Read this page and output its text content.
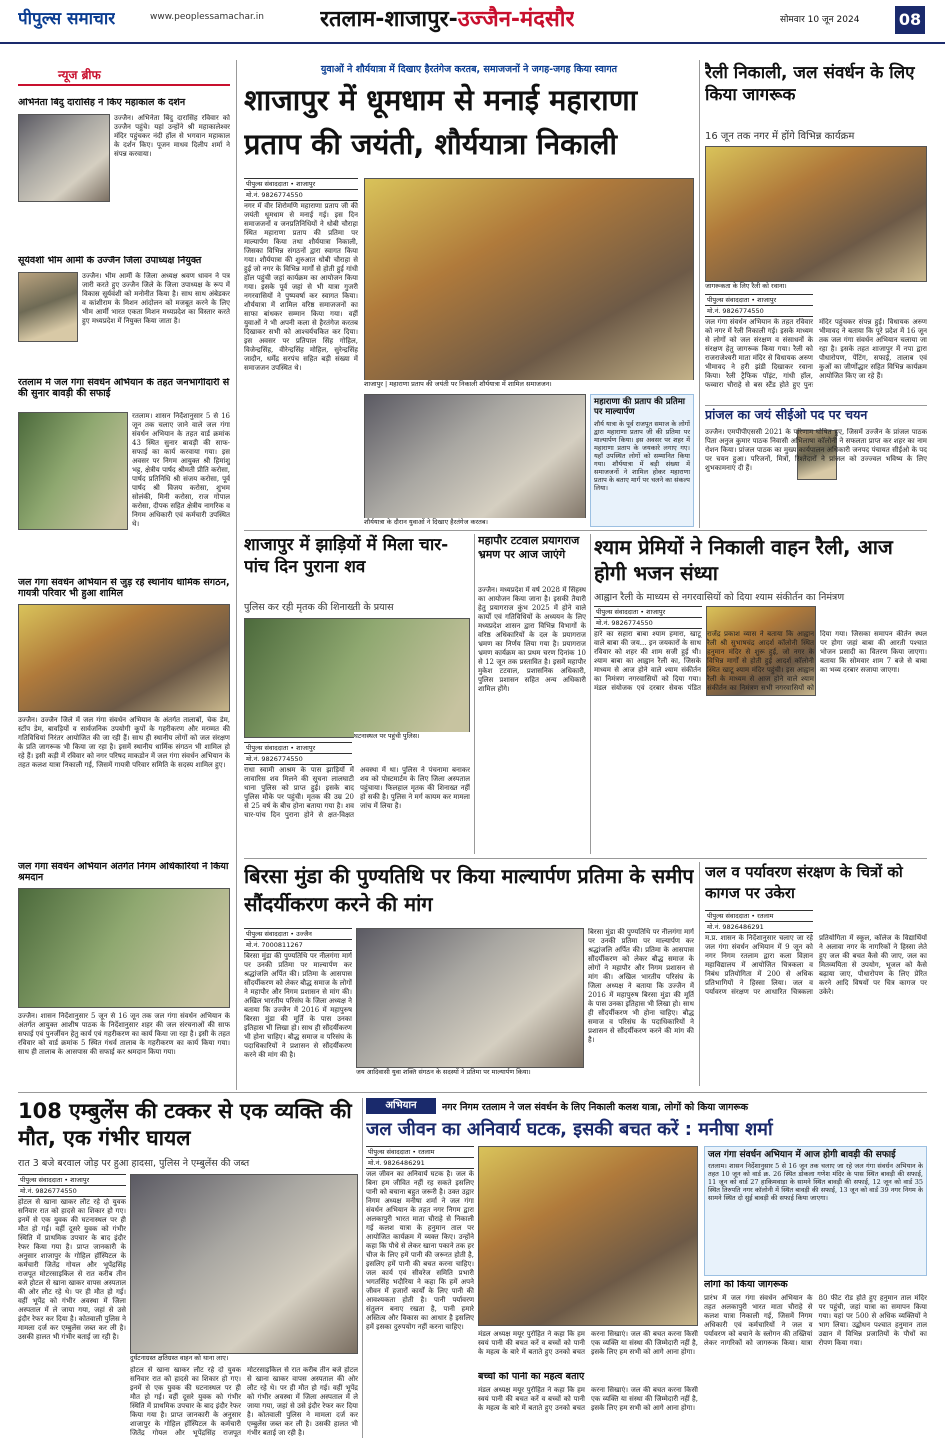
पीपुल्स समाचार	www.peoplessamachar.in	रतलाम-शाजापुर-उज्जैन-मंदसौर	सोमवार 10 जून 2024 08
न्यूज ब्रीफ
अभिनेता बिंदु दारासिंह ने किए महाकाल के दर्शन
उज्जैन। अभिनेता बिंदु दारासिंह रविवार को उज्जैन पहुंचे। यहां उन्होंने श्री महाकालेश्वर मंदिर पहुंचकर नंदी हॉल से भगवान महाकाल के दर्शन किए। पूजन माधव दिलीप शर्मा ने संपन्न करवाया।
सूर्यवंशी भीम आर्मी के उज्जैन जिला उपाध्यक्ष नियुक्त
उज्जैन। भीम आर्मी के जिला अध्यक्ष श्रवण धावन ने पत्र जारी करते हुए उज्जैन जिले के जिला उपाध्यक्ष के रूप में विकास सूर्यवंशी को मनोनीत किया है। साथ साथ अंबेडकर व कांशीराम के मिशन आंदोलन को मजबूत करने के लिए भीम आर्मी भारत एकता मिशन मध्यप्रदेश का विस्तार करते हुए मध्यप्रदेश में नियुक्त किया जाता है।
रतलाम में जल गंगा संवर्धन अभियान के तहत जनभागीदारी से की सुनार बावड़ी की सफाई
रतलाम। शासन निर्देशानुसार 5 से 16 जून तक चलाए जाने वाले जल गंगा संवर्धन अभियान के तहत वार्ड क्रमांक 43 स्थित सुनार बावड़ी की साफ-सफाई का कार्य करवाया गया। इस अवसर पर निगम आयुक्त श्री हिमांशु भट्ट, क्षेत्रीय पार्षद श्रीमती प्रीति करोसा, पार्षद प्रतिनिधि श्री संजय करोसा, पूर्व पार्षद श्री विजय करोसा, शुभम सोलंकी, मिनी करोसा, राज गोपाल करोसा, दीपक सहित क्षेत्रीय नागरिक व निगम अधिकारी एवं कर्मचारी उपस्थित थे।
जल गंगा संवर्धन अभियान से जुड़ रहे स्थानीय धार्मिक संगठन, गायत्री परिवार भी हुआ शामिल
उज्जैन। उज्जैन जिले में जल गंगा संवर्धन अभियान के अंतर्गत तालाबों, चेक डेम, स्टॉप डेम, बावड़ियों व सार्वजनिक उपयोगी कूपों के गहरीकरण और मरम्मत की गतिविधियां निरंतर आयोजित की जा रही हैं। साथ ही स्थानीय लोगों को जल संरक्षण के प्रति जागरूक भी किया जा रहा है। इसमें स्थानीय धार्मिक संगठन भी शामिल हो रहे हैं। इसी कड़ी में रविवार को नगर परिषद माकडोन में जल गंगा संवर्धन अभियान के तहत कलश यात्रा निकाली गई, जिसमें गायत्री परिवार समिति के सदस्य शामिल हुए।
जल गंगा संवर्धन अभियान अंतर्गत निगम अधिकारियों ने किया श्रमदान
उज्जैन। शासन निर्देशानुसार 5 जून से 16 जून तक जल गंगा संवर्धन अभियान के अंतर्गत आयुक्त आशीष पाठक के निर्देशानुसार शहर की जल संरचनाओं की साफ सफाई एवं पुनर्जीवन हेतु कार्य एवं गहरीकरण का कार्य किया जा रहा है। इसी के तहत रविवार को वार्ड क्रमांक 5 स्थित गंधर्व तालाब के गहरीकरण का कार्य किया गया। साथ ही तालाब के आसपास की सफाई कर श्रमदान किया गया।
युवाओं ने शौर्ययात्रा में दिखाए हैरतंगेज करतब, समाजजनों ने जगह-जगह किया स्वागत
शाजापुर में धूमधाम से मनाई महाराणा प्रताप की जयंती, शौर्ययात्रा निकाली
पीपुल्स संवाददाता • शाजापुर
मो.नं. 9826774550
नगर में वीर शिरोमणि महाराणा प्रताप जी की जयंती धूमधाम से मनाई गई। इस दिन समाजजनों व जनप्रतिनिधियों ने धोबी चौराहा स्थित महाराणा प्रताप की प्रतिमा पर माल्यार्पण किया तथा शौर्ययात्रा निकाली, जिसका विभिन्न संगठनों द्वारा स्वागत किया गया। शौर्ययात्रा की शुरुआत धोबी चौराहा से हुई जो नगर के विभिन्न मार्गों से होती हुई गांधी हॉल पहुंची जहां कार्यक्रम का आयोजन किया गया। इसके पूर्व जहां से भी यात्रा गुजरी नगरवासियों ने पुष्पवर्षा कर स्वागत किया। शौर्ययात्रा में शामिल वरिष्ठ समाजजनों का साफा बांधकर सम्मान किया गया। वहीं युवाओं ने भी अपनी कला से हैरतंगेज करतब दिखाकर सभी को आश्चर्यचकित कर दिया। इस अवसर पर प्रतिपाल सिंह गोहिल, विजेन्द्रसिंह, वीरेन्द्रसिंह मोहिल, सुरेन्द्रसिंह जादौन, धर्मेंद्र सरपंच सहित बड़ी संख्या में समाजजन उपस्थित थे।
शाजापुर | महाराणा प्रताप की जयंती पर निकाली शौर्ययात्रा में शामिल समाजजन।
शौर्ययात्रा के दौरान युवाओं ने दिखाए हैरतंगेज करतब।
महाराणा की प्रताप की प्रतिमा पर माल्यार्पण
शौर्य यात्रा के पूर्व राजपूत समाज के लोगों द्वारा महाराणा प्रताप जी की प्रतिमा पर माल्यार्पण किया। इस अवसर पर शहर में महाराणा प्रताप के जयकारे लगाए गए। यहाँ उपस्थित लोगों को सम्मानित किया गया। शौर्ययात्रा में बड़ी संख्या में समाजजनों ने शामिल होकर महाराणा प्रताप के बताए मार्ग पर चलने का संकल्प लिया।
रैली निकाली, जल संवर्धन के लिए किया जागरूक
16 जून तक नगर में होंगे विभिन्न कार्यक्रम
जागरूकता के लिए रैली को रवाना।
पीपुल्स संवाददाता • शाजापुर
मो.नं. 9826774550
जल गंगा संवर्धन अभियान के तहत रविवार को नगर में रैली निकाली गई। इसके माध्यम से लोगों को जल संरक्षण व संसाधनों के संरक्षण हेतु जागरूक किया गया। रैली को राजराजेश्वरी माता मंदिर से विधायक अरुण भीमावद ने हरी झंडी दिखाकर रवाना किया। रैली ट्रैफिक पॉइंट, गांधी हॉल, फव्वारा चौराहे से बस स्टैंड होते हुए पुनः मंदिर पहुंचकर संपन्न हुई। विधायक अरुण भीमावद ने बताया कि पूरे प्रदेश में 16 जून तक जल गंगा संवर्धन अभियान चलाया जा रहा है। इसके तहत शाजापुर में नपा द्वारा पौधारोपण, पेंटिंग, सफाई, तालाब एवं कुओं का जीर्णोद्धार सहित विभिन्न कार्यक्रम आयोजित किए जा रहे हैं।
प्रांजल का जयं सीईओ पद पर चयन
उज्जैन। एमपीपीएससी 2021 के परिणाम घोषित हुए, जिसमें उज्जैन के प्रांजल पाठक पिता अनुज कुमार पाठक निवासी अभिलाषा कॉलोनी ने सफलता प्राप्त कर शहर का नाम रोशन किया। प्रांजल पाठक का मुख्य कार्यपालन अधिकारी जनपद पंचायत सीईओ के पद पर चयन हुआ। परिजनों, मित्रों, रिश्तेदारों ने प्रांजल को उज्ज्वल भविष्य के लिए शुभकामनाएं दी हैं।
शाजापुर में झाड़ियों में मिला चार-पांच दिन पुराना शव
पुलिस कर रही मृतक की शिनाख्ती के प्रयास
घटनास्थल पर पहुंची पुलिस।
पीपुल्स संवाददाता • शाजापुर
मो.नं. 9826774550
राधा स्वामी आश्रम के पास झाड़ियों में लावारिस शव मिलने की सूचना लालघाटी थाना पुलिस को प्राप्त हुई। इसके बाद पुलिस मौके पर पहुंची। मृतक की उम्र 20 से 25 वर्ष के बीच होना बताया गया है। शव चार-पांच दिन पुराना होने से क्षत-विक्षत अवस्था में था। पुलिस ने पंचनामा बनाकर शव को पोस्टमार्टम के लिए जिला अस्पताल पहुंचाया। फिलहाल मृतक की शिनाख्त नहीं हो सकी है। पुलिस ने मर्ग कायम कर मामला जांच में लिया है।
महापौर टटवाल प्रयागराज भ्रमण पर आज जाएंगे
उज्जैन। मध्यप्रदेश में वर्ष 2028 में सिंहस्थ का आयोजन किया जाना है। इसकी तैयारी हेतु प्रयागराज कुंभ 2025 में होने वाले कार्यों एवं गतिविधियों के अध्ययन के लिए मध्यप्रदेश शासन द्वारा विभिन्न विभागों के वरिष्ठ अधिकारियों के दल के प्रयागराज भ्रमण का निर्णय लिया गया है। प्रयागराज भ्रमण कार्यक्रम का प्रथम चरण दिनांक 10 से 12 जून तक प्रस्तावित है। इसमें महापौर मुकेश टटवाल, प्रशासनिक अधिकारी, पुलिस प्रशासन सहित अन्य अधिकारी शामिल होंगे।
श्याम प्रेमियों ने निकाली वाहन रैली, आज होगी भजन संध्या
आह्वान रैली के माध्यम से नगरवासियों को दिया श्याम संकीर्तन का निमंत्रण
पीपुल्स संवाददाता • शाजापुर
मो.नं. 9826774550
हारे का सहारा बाबा श्याम हमारा, खाटू वाले बाबा की जय... इन जयकारों के साथ रविवार को शहर की शाम सजी हुई थी। श्याम बाबा का आह्वान रैली का, जिसके माध्यम से आज होने वाले श्याम संकीर्तन का निमंत्रण नगरवासियों को दिया गया। मंडल संयोजक एवं दरबार सेवक पंडित राजेंद्र प्रकाश व्यास ने बताया कि आह्वान रैली श्री सुभाषचंद्र आदर्श कॉलोनी स्थित हनुमान मंदिर से शुरू हुई, जो नगर के विभिन्न मार्गों से होती हुई आदर्श कॉलोनी स्थित खाटू श्याम मंदिर पहुंची। इस आह्वान रैली के माध्यम से आज होने वाले श्याम संकीर्तन का निमंत्रण सभी नगरवासियों को दिया गया। जिसका समापन कीर्तन स्थल पर होगा जहां बाबा की आरती पश्चात भोजन प्रसादी का वितरण किया जाएगा। बताया कि सोमवार शाम 7 बजे से बाबा का भव्य दरबार सजाया जाएगा।
बिरसा मुंडा की पुण्यतिथि पर किया माल्यार्पण प्रतिमा के समीप सौंदर्यीकरण करने की मांग
पीपुल्स संवाददाता • उज्जैन
मो.नं. 7000811267
जय आदिवासी युवा शक्ति संगठन के सदस्यों ने प्रतिमा पर माल्यार्पण किया।
बिरसा मुंडा की पुण्यतिथि पर नीलगंगा मार्ग पर उनकी प्रतिमा पर माल्यार्पण कर श्रद्धांजलि अर्पित की। प्रतिमा के आसपास सौंदर्यीकरण को लेकर बौद्ध समाज के लोगों ने महापौर और निगम प्रशासन से मांग की। अखिल भारतीय परिसंघ के जिला अध्यक्ष ने बताया कि उज्जैन में 2016 में महापुरुष बिरसा मुंडा की मूर्ति के पास उनका इतिहास भी लिखा हो। साथ ही सौंदर्यीकरण भी होना चाहिए। बौद्ध समाज व परिसंघ के पदाधिकारियों ने प्रशासन से सौंदर्यीकरण करने की मांग की है।
बिरसा मुंडा की पुण्यतिथि पर नीलगंगा मार्ग पर उनकी प्रतिमा पर माल्यार्पण कर श्रद्धांजलि अर्पित की। प्रतिमा के आसपास सौंदर्यीकरण को लेकर बौद्ध समाज के लोगों ने महापौर और निगम प्रशासन से मांग की। अखिल भारतीय परिसंघ के जिला अध्यक्ष ने बताया कि उज्जैन में 2016 में महापुरुष बिरसा मुंडा की मूर्ति के पास उनका इतिहास भी लिखा हो। साथ ही सौंदर्यीकरण भी होना चाहिए। बौद्ध समाज व परिसंघ के पदाधिकारियों ने प्रशासन से सौंदर्यीकरण करने की मांग की है।
जल व पर्यावरण संरक्षण के चित्रों को कागज पर उकेरा
पीपुल्स संवाददाता • रतलाम
मो.नं. 9826486291
म.प्र. शासन के निर्देशानुसार चलाए जा रहे जल गंगा संवर्धन अभियान में 9 जून को नगर निगम रतलाम द्वारा कला विज्ञान महाविद्यालय में आयोजित चित्रकला व निबंध प्रतियोगिता में 200 से अधिक प्रतिभागियों ने हिस्सा लिया। जल व पर्यावरण संरक्षण पर आधारित चित्रकला प्रतियोगिता में स्कूल, कॉलेज के विद्यार्थियों ने अलावा नगर के नागरिकों ने हिस्सा लेते हुए जल की बचत कैसे की जाए, जल का मितव्ययिता से उपयोग, भूजल को कैसे बढ़ाया जाए, पौधारोपण के लिए प्रेरित करने आदि विषयों पर चित्र कागज पर उकेरे।
108 एम्बुलेंस की टक्कर से एक व्यक्ति की मौत, एक गंभीर घायल
रात 3 बजे बरवाल जोड़ पर हुआ हादसा, पुलिस ने एम्बुलेंस की जब्त
पीपुल्स संवाददाता • शाजापुर
मो.नं. 9826774550
दुर्घटनाग्रस्त क्षतिग्रस्त वाहन को थाना लाए।
होटल से खाना खाकर लौट रहे दो युवक सनिवार रात को हादसे का शिकार हो गए। इनमें से एक युवक की घटनास्थल पर ही मौत हो गई। वहीं दूसरे युवक को गंभीर स्थिति में प्राथमिक उपचार के बाद इंदौर रेफर किया गया है। प्राप्त जानकारी के अनुसार शाजापुर के गोहिल हॉस्पिटल के कर्मचारी जितेंद्र गोयल और भूपेंद्रसिंह राजपूत मोटरसाइकिल से रात करीब तीन बजे होटल से खाना खाकर वापस अस्पताल की ओर लौट रहे थे। पर ही मौत हो गई। वहीं भूपेंद्र को गंभीर अवस्था में जिला अस्पताल में ले जाया गया, जहां से उसे इंदौर रेफर कर दिया है। कोतवाली पुलिस ने मामला दर्ज कर एम्बुलेंस जब्त कर ली है। उसकी हालत भी गंभीर बताई जा रही है।
होटल से खाना खाकर लौट रहे दो युवक सनिवार रात को हादसे का शिकार हो गए। इनमें से एक युवक की घटनास्थल पर ही मौत हो गई। वहीं दूसरे युवक को गंभीर स्थिति में प्राथमिक उपचार के बाद इंदौर रेफर किया गया है। प्राप्त जानकारी के अनुसार शाजापुर के गोहिल हॉस्पिटल के कर्मचारी जितेंद्र गोयल और भूपेंद्रसिंह राजपूत मोटरसाइकिल से रात करीब तीन बजे होटल से खाना खाकर वापस अस्पताल की ओर लौट रहे थे। पर ही मौत हो गई। वहीं भूपेंद्र को गंभीर अवस्था में जिला अस्पताल में ले जाया गया, जहां से उसे इंदौर रेफर कर दिया है। कोतवाली पुलिस ने मामला दर्ज कर एम्बुलेंस जब्त कर ली है। उसकी हालत भी गंभीर बताई जा रही है।
अभियान	नगर निगम रतलाम ने जल संवर्धन के लिए निकाली कलश यात्रा, लोगों को किया जागरूक
जल जीवन का अनिवार्य घटक, इसकी बचत करें : मनीषा शर्मा
पीपुल्स संवाददाता • रतलाम
मो.नं. 9826486291
जल जीवन का अनिवार्य घटक है। जल के बिना हम जीवित नहीं रह सकते इसलिए पानी को बचाना बहुत जरूरी है। उक्त उद्गार निगम अध्यक्ष मनीषा शर्मा ने जल गंगा संवर्धन अभियान के तहत नगर निगम द्वारा अलकापुरी भारत माता चौराहे से निकाली गई कलश यात्रा के हनुमान ताल पर आयोजित कार्यक्रम में व्यक्त किए। उन्होंने कहा कि पौधे से लेकर खाना पकाने तक हर चीज के लिए हमें पानी की जरूरत होती है, इसलिए हमें पानी की बचत करना चाहिए। जल कार्य एवं सीवरेज समिति प्रभारी भगतसिंह भदौरिया ने कहा कि हमें अपने जीवन में हजारों कार्यों के लिए पानी की आवश्यकता होती है। पानी पर्यावरण संतुलन बनाए रखता है, पानी हमारे अस्तित्व और विकास का आधार है इसलिए हमें इसका दुरुपयोग नहीं करना चाहिए।
मंडल अध्यक्ष मयूर पुरोहित ने कहा कि हम स्वयं पानी की बचत करें व बच्चों को पानी के महत्व के बारे में बताते हुए उनको बचत करना सिखाएं। जल की बचत करना किसी एक व्यक्ति या संस्था की जिम्मेदारी नहीं है, इसके लिए हम सभी को आगे आना होगा।
बच्चों को पानी का महत्व बताएं
मंडल अध्यक्ष मयूर पुरोहित ने कहा कि हम स्वयं पानी की बचत करें व बच्चों को पानी के महत्व के बारे में बताते हुए उनको बचत करना सिखाएं। जल की बचत करना किसी एक व्यक्ति या संस्था की जिम्मेदारी नहीं है, इसके लिए हम सभी को आगे आना होगा।
जल गंगा संवर्धन अभियान में आज होगी बावड़ी की सफाई
रतलाम। शासन निर्देशानुसार 5 से 16 जून तक चलाए जा रहे जल गंगा संवर्धन अभियान के तहत 10 जून को वार्ड क्र. 26 स्थित डोकला गणेश मंदिर के पास स्थित बावड़ी की सफाई, 11 जून को वार्ड 27 हाकिमवाड़ा के सामने स्थित बावड़ी की सफाई, 12 जून को वार्ड 35 स्थित तिरुपति नगर कॉलोनी में स्थित बावड़ी की सफाई, 13 जून को वार्ड 39 नगर निगम के सामने स्थित दो सुई बावड़ी की सफाई किया जाएगा।
लोगों को किया जागरूक
प्रारंभ में जल गंगा संवर्धन अभियान के तहत अलकापुरी भारत माता चौराहे से कलश यात्रा निकाली गई, जिसमें निगम अधिकारी एवं कर्मचारियों ने जल व पर्यावरण को बचाने के स्लोगन की तख्तियां लेकर नागरिकों को जागरूक किया। यात्रा 80 फीट रोड होते हुए हनुमान ताल मंदिर पर पहुंची, जहां यात्रा का समापन किया गया। यहां पर 500 से अधिक व्यक्तियों ने भाग लिया। उद्बोधन पश्चात हनुमान ताल उद्यान में विभिन्न प्रजातियों के पौधों का रोपण किया गया।
